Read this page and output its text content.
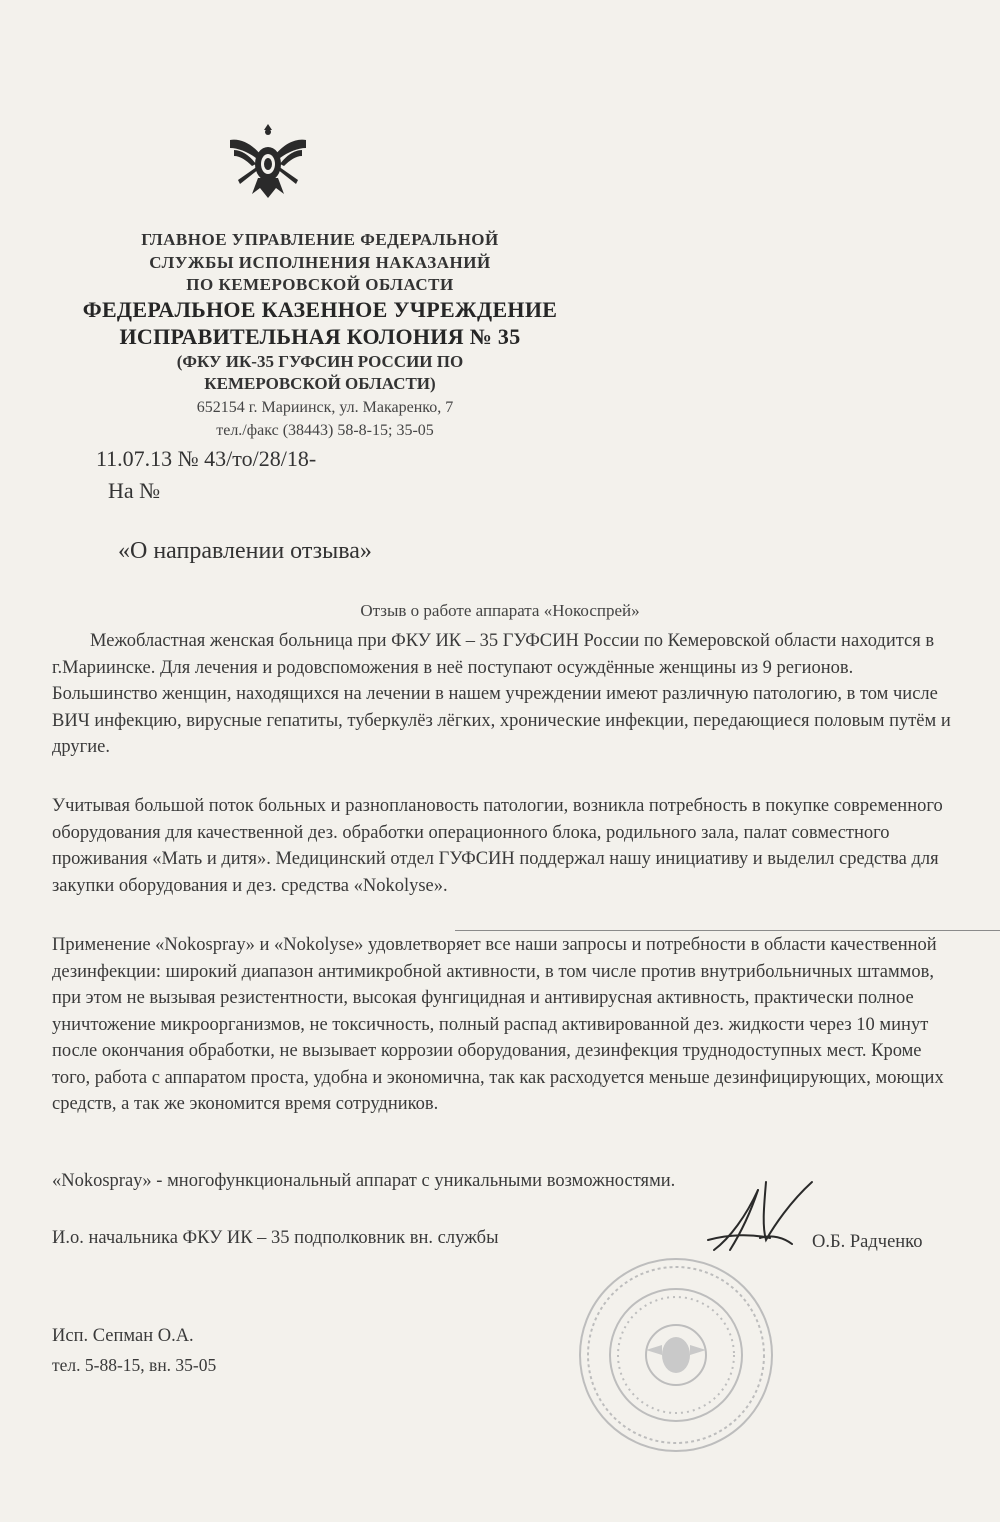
ГЛАВНОЕ УПРАВЛЕНИЕ ФЕДЕРАЛЬНОЙ
СЛУЖБЫ ИСПОЛНЕНИЯ НАКАЗАНИЙ
ПО КЕМЕРОВСКОЙ ОБЛАСТИ
ФЕДЕРАЛЬНОЕ КАЗЕННОЕ УЧРЕЖДЕНИЕ
ИСПРАВИТЕЛЬНАЯ КОЛОНИЯ № 35
(ФКУ ИК-35 ГУФСИН РОССИИ ПО
КЕМЕРОВСКОЙ ОБЛАСТИ)
652154 г. Мариинск, ул. Макаренко, 7
тел./факс (38443) 58-8-15; 35-05
11.07.13 № 43/то/28/18-
На №
«О направлении отзыва»
Отзыв о работе аппарата «Нокоспрей»

Межобластная женская больница при ФКУ ИК – 35 ГУФСИН России по Кемеровской области находится в г.Мариинске. Для лечения и родовспоможения в неё поступают осуждённые женщины из 9 регионов. Большинство женщин, находящихся на лечении в нашем учреждении имеют различную патологию, в том числе ВИЧ инфекцию, вирусные гепатиты, туберкулёз лёгких, хронические инфекции, передающиеся половым путём и другие.

Учитывая большой поток больных и разноплановость патологии, возникла потребность в покупке современного оборудования для качественной дез. обработки операционного блока, родильного зала, палат совместного проживания «Мать и дитя». Медицинский отдел ГУФСИН поддержал нашу инициативу и выделил средства для закупки оборудования и дез. средства «Nokolyse».

Применение «Nokospray» и «Nokolyse» удовлетворяет все наши запросы и потребности в области качественной дезинфекции: широкий диапазон антимикробной активности, в том числе против внутрибольничных штаммов, при этом не вызывая резистентности, высокая фунгицидная и антивирусная активность, практически полное уничтожение микроорганизмов, не токсичность, полный распад активированной дез. жидкости через 10 минут после окончания обработки, не вызывает коррозии оборудования, дезинфекция труднодоступных мест. Кроме того, работа с аппаратом проста, удобна и экономична, так как расходуется меньше дезинфицирующих, моющих средств, а так же экономится время сотрудников.

«Nokospray» - многофункциональный аппарат с уникальными возможностями.

И.о. начальника ФКУ ИК – 35 подполковник вн. службы	О.Б. Радченко
Исп. Сепман О.А.
тел. 5-88-15, вн. 35-05
